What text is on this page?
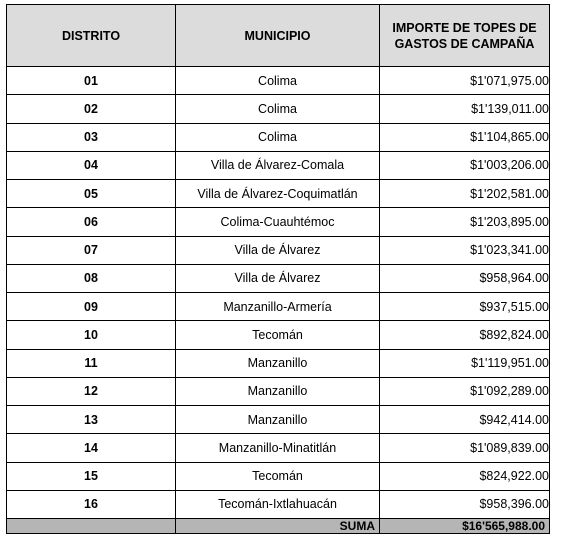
DISTRITO	MUNICIPIO	IMPORTE DE TOPES DE
GASTOS DE CAMPAÑA
01	Colima	$1'071,975.00
02	Colima	$1'139,011.00
03	Colima	$1'104,865.00
04	Villa de Álvarez-Comala	$1'003,206.00
05	Villa de Álvarez-Coquimatlán	$1'202,581.00
06	Colima-Cuauhtémoc	$1'203,895.00
07	Villa de Álvarez	$1'023,341.00
08	Villa de Álvarez	$958,964.00
09	Manzanillo-Armería	$937,515.00
10	Tecomán	$892,824.00
11	Manzanillo	$1'119,951.00
12	Manzanillo	$1'092,289.00
13	Manzanillo	$942,414.00
14	Manzanillo-Minatitlán	$1'089,839.00
15	Tecomán	$824,922.00
16	Tecomán-Ixtlahuacán	$958,396.00
	SUMA	$16'565,988.00
